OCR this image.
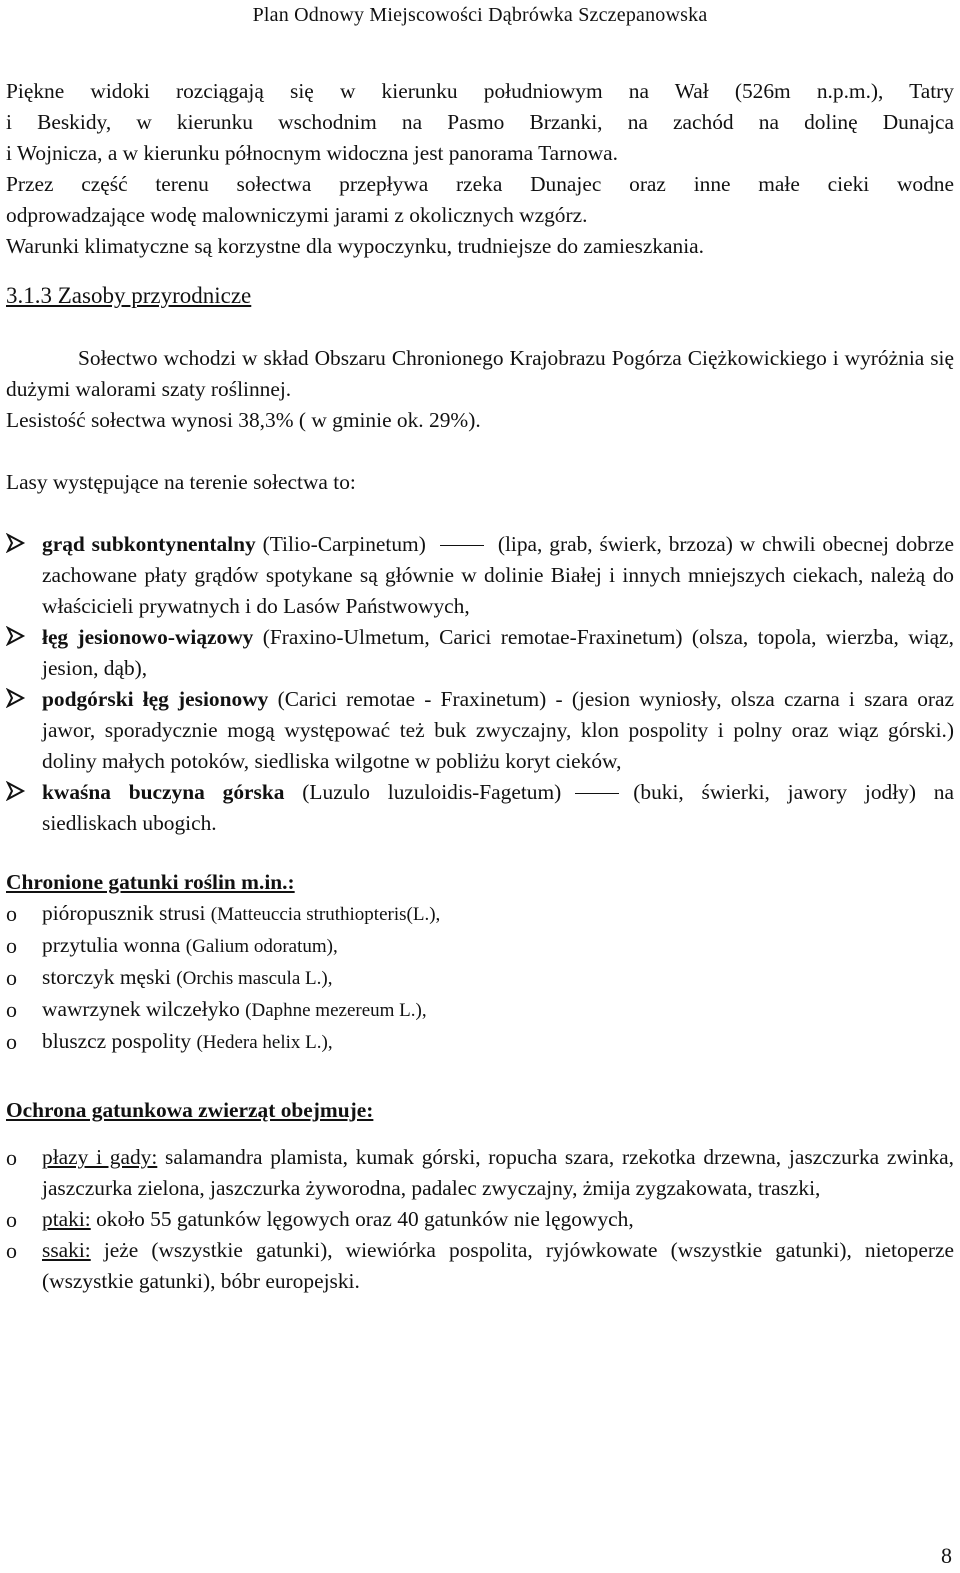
Plan Odnowy Miejscowości Dąbrówka Szczepanowska

Piękne widoki rozciągają się w kierunku południowym na Wał (526m n.p.m.), Tatry

i Beskidy, w kierunku wschodnim na Pasmo Brzanki, na zachód na dolinę Dunajca

i Wojnicza, a w kierunku północnym widoczna jest panorama Tarnowa.

Przez część terenu sołectwa przepływa rzeka Dunajec oraz inne małe cieki wodne

odprowadzające wodę malowniczymi jarami z okolicznych wzgórz.

Warunki klimatyczne są korzystne dla wypoczynku, trudniejsze do zamieszkania.

3.1.3 Zasoby przyrodnicze

Sołectwo wchodzi w skład Obszaru Chronionego Krajobrazu Pogórza Ciężkowickiego i wyróżnia się dużymi walorami szaty roślinnej.

Lesistość sołectwa wynosi 38,3% ( w gminie ok. 29%).

Lasy występujące na terenie sołectwa to:

grąd subkontynentalny (Tilio-Carpinetum)	(lipa, grab, świerk, brzoza) w chwili obecnej dobrze zachowane płaty grądów spotykane są głównie w dolinie Białej i innych mniejszych ciekach, należą do właścicieli prywatnych i do Lasów Państwowych,
łęg jesionowo-wiązowy (Fraxino-Ulmetum, Carici remotae-Fraxinetum) (olsza, topola, wierzba, wiąz, jesion, dąb),
podgórski łęg jesionowy (Carici remotae - Fraxinetum) - (jesion wyniosły, olsza czarna i szara oraz jawor, sporadycznie mogą występować też buk zwyczajny, klon pospolity i polny oraz wiąz górski.) doliny małych potoków, siedliska wilgotne w pobliżu koryt cieków,
kwaśna buczyna górska (Luzulo luzuloidis-Fagetum)	(buki, świerki, jawory jodły) na siedliskach ubogich.

Chronione gatunki roślin m.in.:

o pióropusznik strusi (Matteuccia struthiopteris(L.),
o przytulia wonna (Galium odoratum),
o storczyk męski (Orchis mascula L.),
o wawrzynek wilczełyko (Daphne mezereum L.),
o bluszcz pospolity (Hedera helix L.),

Ochrona gatunkowa zwierząt obejmuje:

o płazy i gady: salamandra plamista, kumak górski, ropucha szara, rzekotka drzewna, jaszczurka zwinka, jaszczurka zielona, jaszczurka żyworodna, padalec zwyczajny, żmija zygzakowata, traszki,
o ptaki: około 55 gatunków lęgowych oraz 40 gatunków nie lęgowych,
o ssaki: jeże (wszystkie gatunki), wiewiórka pospolita, ryjówkowate (wszystkie gatunki), nietoperze (wszystkie gatunki), bóbr europejski.
8
